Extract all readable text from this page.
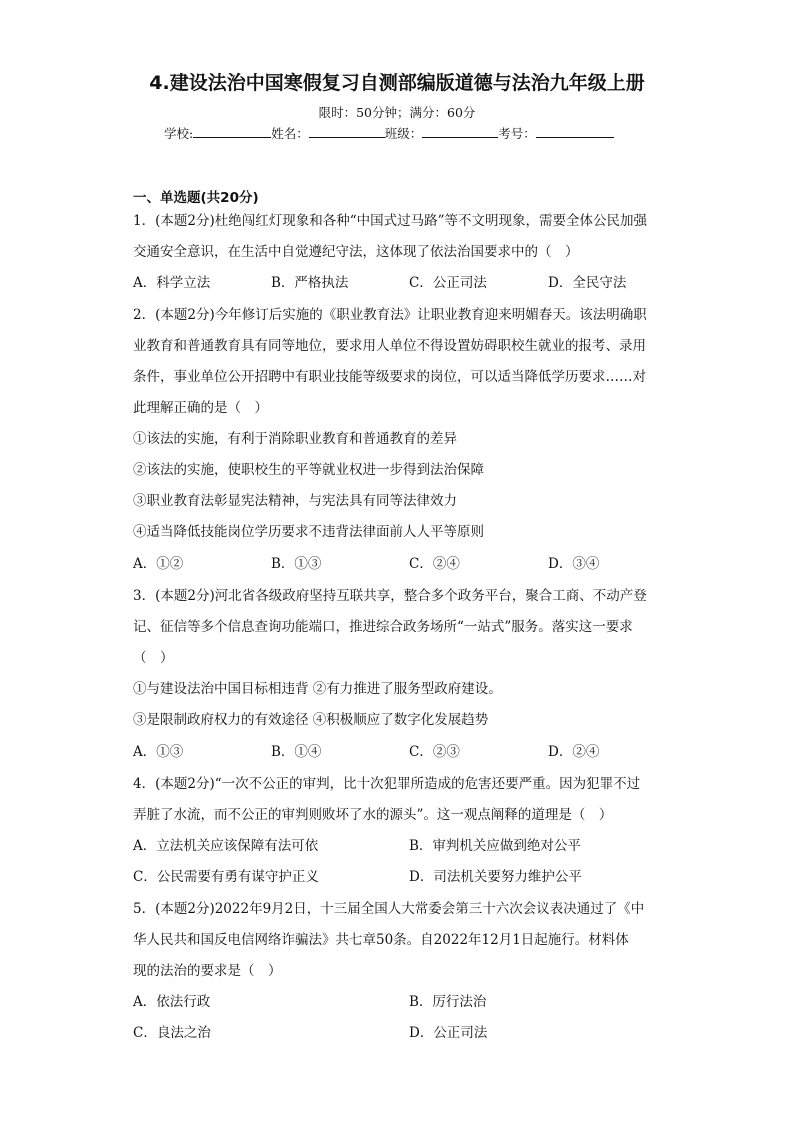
4.建设法治中国寒假复习自测部编版道德与法治九年级上册
限时：50分钟；满分：60分
学校:	姓名：	班级：	考号：
一、单选题(共20分)
1．(本题2分)杜绝闯红灯现象和各种“中国式过马路”等不文明现象，需要全体公民加强
交通安全意识，在生活中自觉遵纪守法，这体现了依法治国要求中的（　）
A．科学立法	B．严格执法	C．公正司法	D．全民守法
2．(本题2分)今年修订后实施的《职业教育法》让职业教育迎来明媚春天。该法明确职
业教育和普通教育具有同等地位，要求用人单位不得设置妨碍职校生就业的报考、录用
条件，事业单位公开招聘中有职业技能等级要求的岗位，可以适当降低学历要求……对
此理解正确的是（　）
①该法的实施，有利于消除职业教育和普通教育的差异
②该法的实施，使职校生的平等就业权进一步得到法治保障
③职业教育法彰显宪法精神，与宪法具有同等法律效力
④适当降低技能岗位学历要求不违背法律面前人人平等原则
A．①②	B．①③	C．②④	D．③④
3．(本题2分)河北省各级政府坚持互联共享，整合多个政务平台，聚合工商、不动产登
记、征信等多个信息查询功能端口，推进综合政务场所“一站式”服务。落实这一要求
（　）
①与建设法治中国目标相违背 ②有力推进了服务型政府建设。
③是限制政府权力的有效途径 ④积极顺应了数字化发展趋势
A．①③	B．①④	C．②③	D．②④
4．(本题2分)“一次不公正的审判，比十次犯罪所造成的危害还要严重。因为犯罪不过
弄脏了水流，而不公正的审判则败坏了水的源头”。这一观点阐释的道理是（　）
A．立法机关应该保障有法可依	B．审判机关应做到绝对公平
C．公民需要有勇有谋守护正义	D．司法机关要努力维护公平
5．(本题2分)2022年9月2日，十三届全国人大常委会第三十六次会议表决通过了《中
华人民共和国反电信网络诈骗法》共七章50条。自2022年12月1日起施行。材料体
现的法治的要求是（　）
A．依法行政	B．厉行法治
C．良法之治	D．公正司法
